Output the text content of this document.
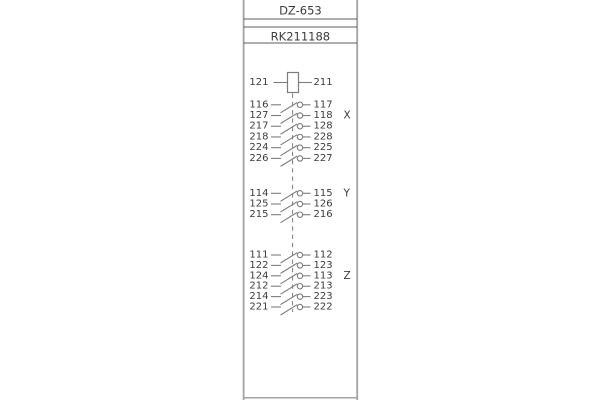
DZ-653
RK211188
121	211
116	117
127	118
217	128
218	228
224	225
226	227
X
114	115
125	126
215	216
Y
111	112
122	123
124	113
212	213
214	223
221	222
Z
